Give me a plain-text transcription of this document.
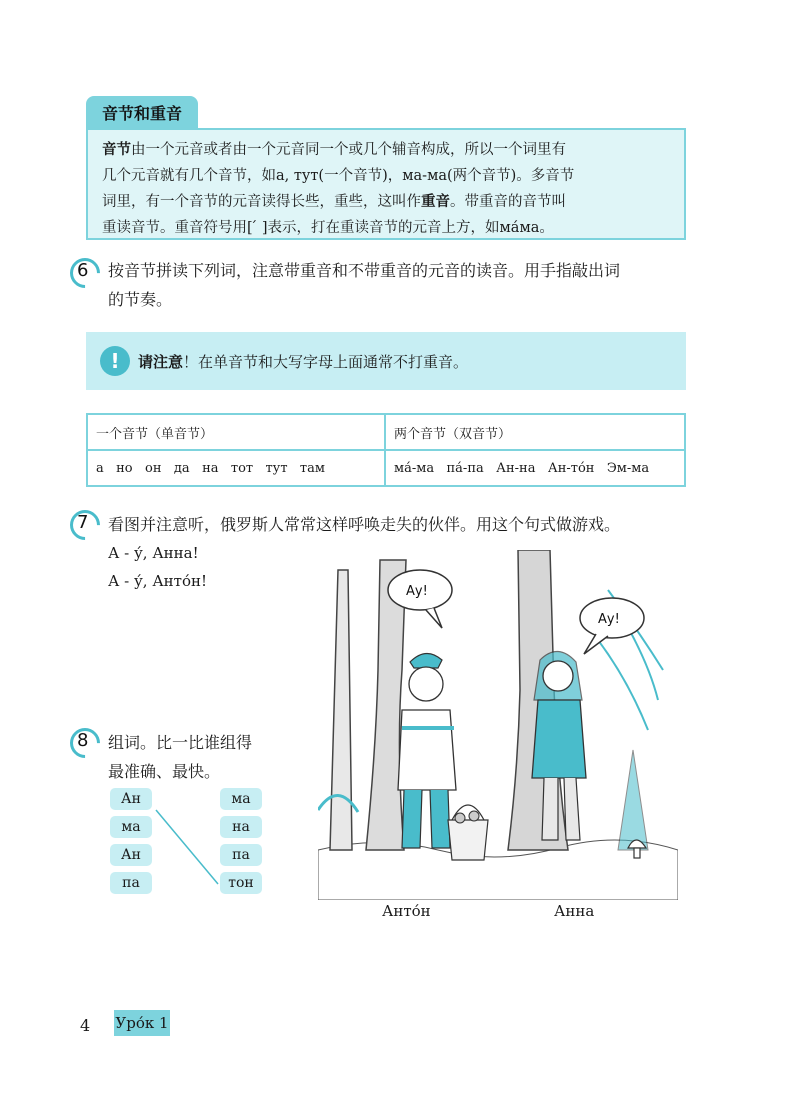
音节和重音

音节由一个元音或者由一个元音同一个或几个辅音构成，所以一个词里有

几个元音就有几个音节，如а, тут(一个音节)，ма-ма(两个音节)。多音节

词里，有一个音节的元音读得长些，重些，这叫作重音。带重音的音节叫

重读音节。重音符号用[ ́ ]表示，打在重读音节的元音上方，如ма́ма。

6 按音节拼读下列词，注意带重音和不带重音的元音的读音。用手指敲出词
的节奏。
!	请注意！在单音节和大写字母上面通常不打重音。
一个音节（单音节）	两个音节（双音节）
а   но   он   да   на   тот   тут   там	ма́-ма   па́-па   Ан-на   Ан-то́н   Эм-ма
7 看图并注意听，俄罗斯人常常这样呼唤走失的伙伴。用这个句式做游戏。
А - у́, Анна!
А - у́, Анто́н!
8 组词。比一比谁组得
最准确、最快。
Ан
ма
Ан
па
ма
на
па
тон
Ау!
Ау!
Анто́н	Анна
4 Уро́к 1
